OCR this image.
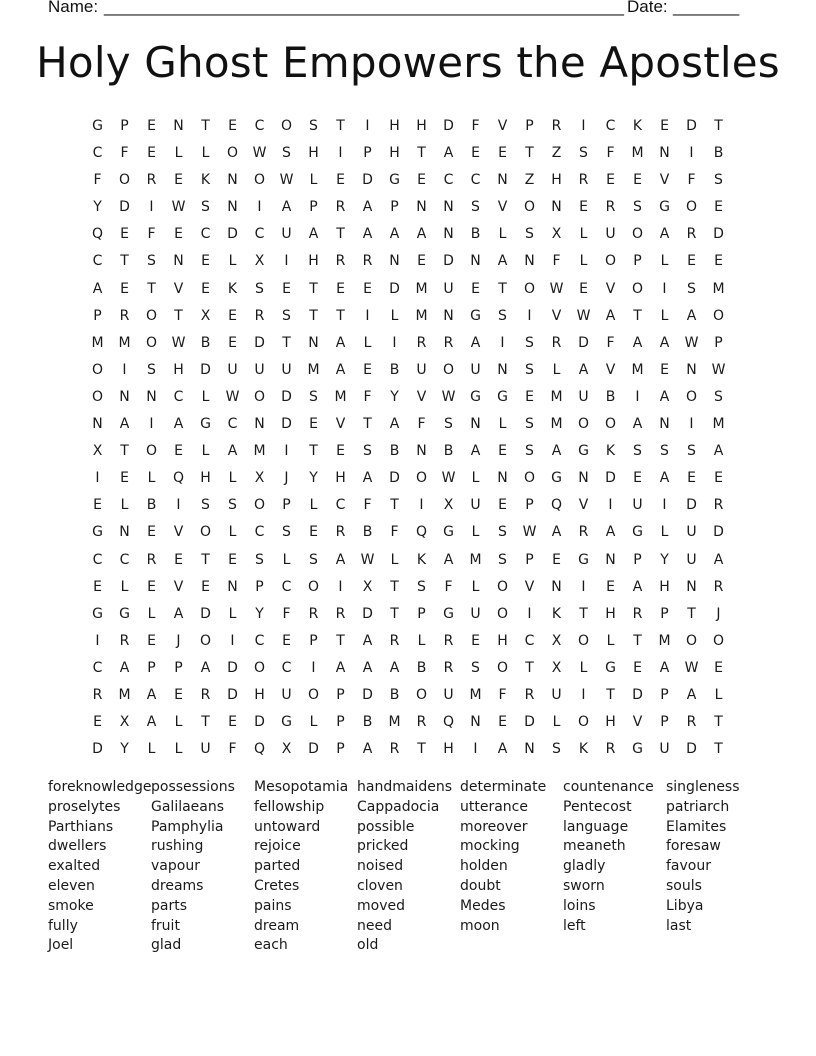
Name: _______________________________________________________ Date: _______
Holy Ghost Empowers the Apostles
G	P	E	N	T	E	C	O	S	T	I	H	H	D	F	V	P	R	I	C	K	E	D	T
C	F	E	L	L	O	W	S	H	I	P	H	T	A	E	E	T	Z	S	F	M	N	I	B
F	O	R	E	K	N	O	W	L	E	D	G	E	C	C	N	Z	H	R	E	E	V	F	S
Y	D	I	W	S	N	I	A	P	R	A	P	N	N	S	V	O	N	E	R	S	G	O	E
Q	E	F	E	C	D	C	U	A	T	A	A	A	N	B	L	S	X	L	U	O	A	R	D
C	T	S	N	E	L	X	I	H	R	R	N	E	D	N	A	N	F	L	O	P	L	E	E
A	E	T	V	E	K	S	E	T	E	E	D	M	U	E	T	O	W	E	V	O	I	S	M
P	R	O	T	X	E	R	S	T	T	I	L	M	N	G	S	I	V	W	A	T	L	A	O
M	M	O	W	B	E	D	T	N	A	L	I	R	R	A	I	S	R	D	F	A	A	W	P
O	I	S	H	D	U	U	U	M	A	E	B	U	O	U	N	S	L	A	V	M	E	N	W
O	N	N	C	L	W	O	D	S	M	F	Y	V	W	G	G	E	M	U	B	I	A	O	S
N	A	I	A	G	C	N	D	E	V	T	A	F	S	N	L	S	M	O	O	A	N	I	M
X	T	O	E	L	A	M	I	T	E	S	B	N	B	A	E	S	A	G	K	S	S	S	A
I	E	L	Q	H	L	X	J	Y	H	A	D	O	W	L	N	O	G	N	D	E	A	E	E
E	L	B	I	S	S	O	P	L	C	F	T	I	X	U	E	P	Q	V	I	U	I	D	R
G	N	E	V	O	L	C	S	E	R	B	F	Q	G	L	S	W	A	R	A	G	L	U	D
C	C	R	E	T	E	S	L	S	A	W	L	K	A	M	S	P	E	G	N	P	Y	U	A
E	L	E	V	E	N	P	C	O	I	X	T	S	F	L	O	V	N	I	E	A	H	N	R
G	G	L	A	D	L	Y	F	R	R	D	T	P	G	U	O	I	K	T	H	R	P	T	J
I	R	E	J	O	I	C	E	P	T	A	R	L	R	E	H	C	X	O	L	T	M	O	O
C	A	P	P	A	D	O	C	I	A	A	A	B	R	S	O	T	X	L	G	E	A	W	E
R	M	A	E	R	D	H	U	O	P	D	B	O	U	M	F	R	U	I	T	D	P	A	L
E	X	A	L	T	E	D	G	L	P	B	M	R	Q	N	E	D	L	O	H	V	P	R	T
D	Y	L	L	U	F	Q	X	D	P	A	R	T	H	I	A	N	S	K	R	G	U	D	T
foreknowledge
proselytes
Parthians
dwellers
exalted
eleven
smoke
fully
Joel
possessions
Galilaeans
Pamphylia
rushing
vapour
dreams
parts
fruit
glad
Mesopotamia
fellowship
untoward
rejoice
parted
Cretes
pains
dream
each
handmaidens
Cappadocia
possible
pricked
noised
cloven
moved
need
old
determinate
utterance
moreover
mocking
holden
doubt
Medes
moon
countenance
Pentecost
language
meaneth
gladly
sworn
loins
left
singleness
patriarch
Elamites
foresaw
favour
souls
Libya
last
